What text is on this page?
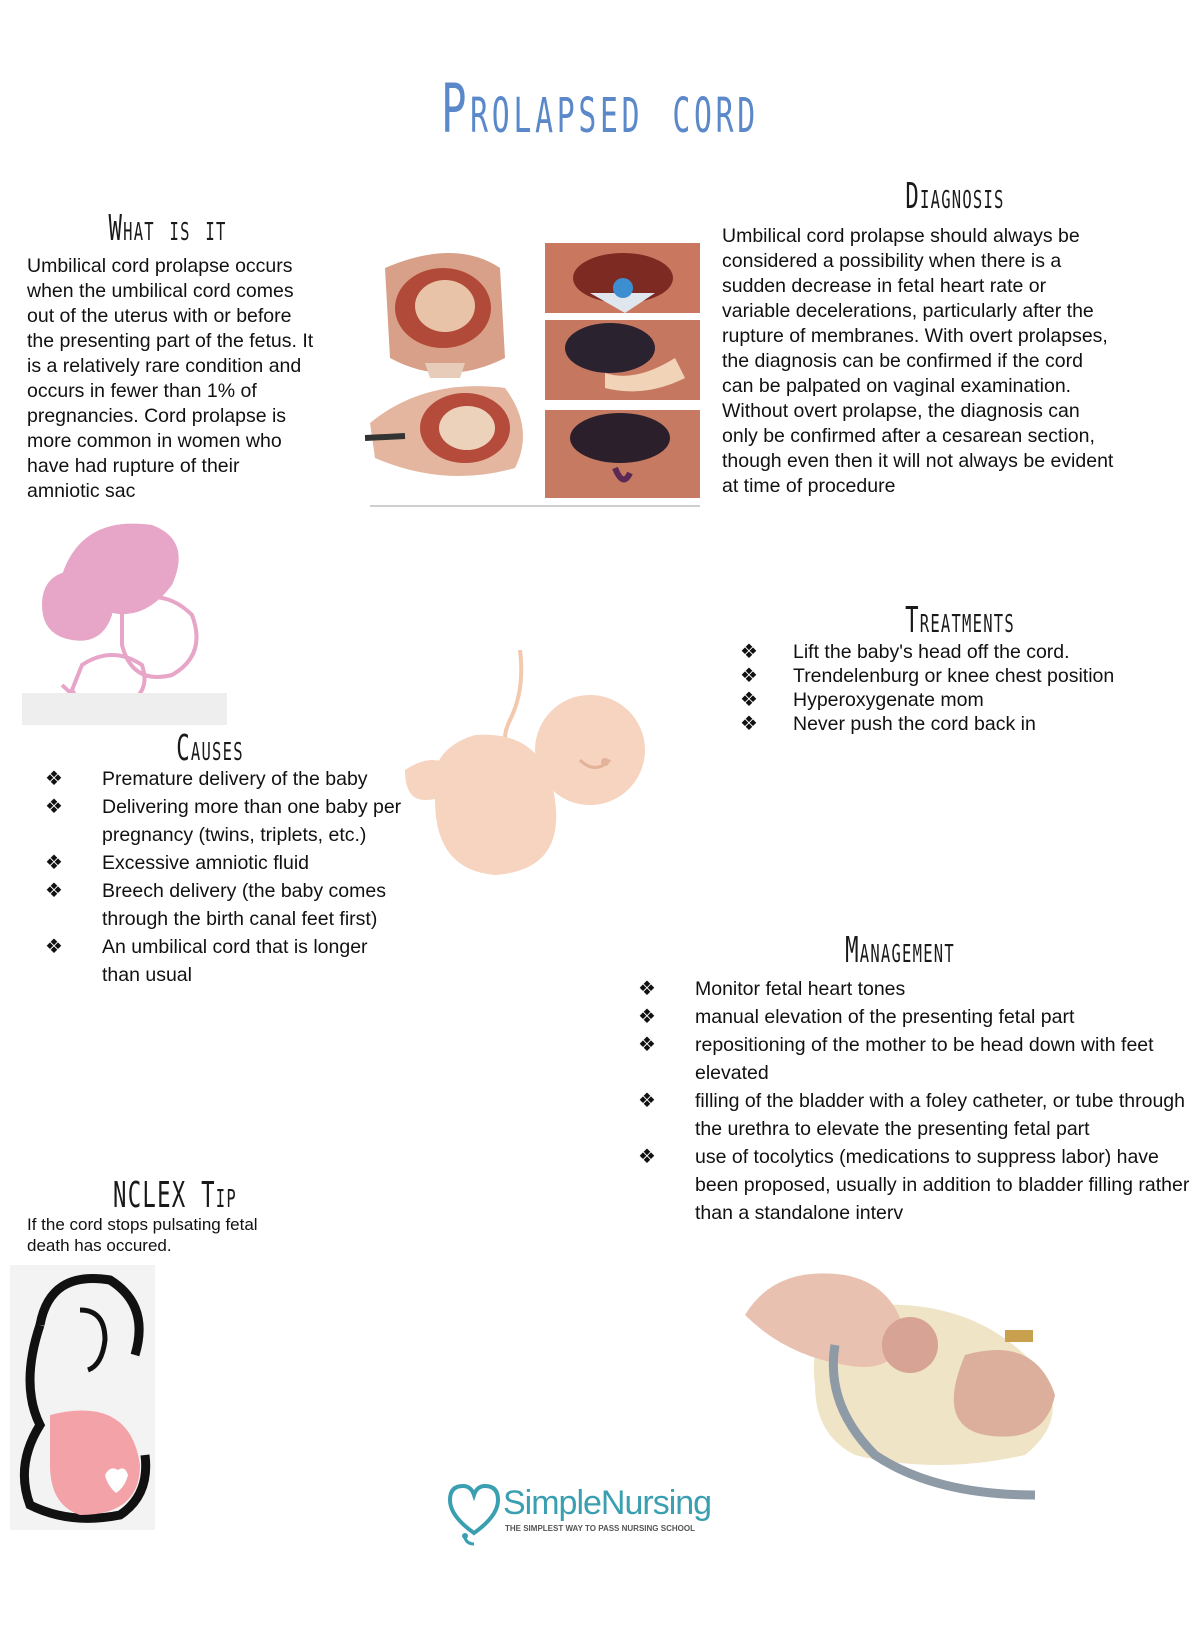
Prolapsed cord
What is it
Umbilical cord prolapse occurs when the umbilical cord comes out of the uterus with or before the presenting part of the fetus. It is a relatively rare condition and occurs in fewer than 1% of pregnancies. Cord prolapse is more common in women who have had rupture of their amniotic sac
Diagnosis
Umbilical cord prolapse should always be considered a possibility when there is a sudden decrease in fetal heart rate or variable decelerations, particularly after the rupture of membranes. With overt prolapses, the diagnosis can be confirmed if the cord can be palpated on vaginal examination. Without overt prolapse, the diagnosis can only be confirmed after a cesarean section, though even then it will not always be evident at time of procedure
Causes
❖ Premature delivery of the baby
❖ Delivering more than one baby per pregnancy (twins, triplets, etc.)
❖ Excessive amniotic fluid
❖ Breech delivery (the baby comes through the birth canal feet first)
❖ An umbilical cord that is longer than usual
Treatments
❖ Lift the baby's head off the cord.
❖ Trendelenburg or knee chest position
❖ Hyperoxygenate mom
❖ Never push the cord back in
Management
❖ Monitor fetal heart tones
❖ manual elevation of the presenting fetal part
❖ repositioning of the mother to be head down with feet elevated
❖ filling of the bladder with a foley catheter, or tube through the urethra to elevate the presenting fetal part
❖ use of tocolytics (medications to suppress labor) have been proposed, usually in addition to bladder filling rather than a standalone interv
NCLEX Tip
If the cord stops pulsating fetal death has occured.
SimpleNursing
THE SIMPLEST WAY TO PASS NURSING SCHOOL
